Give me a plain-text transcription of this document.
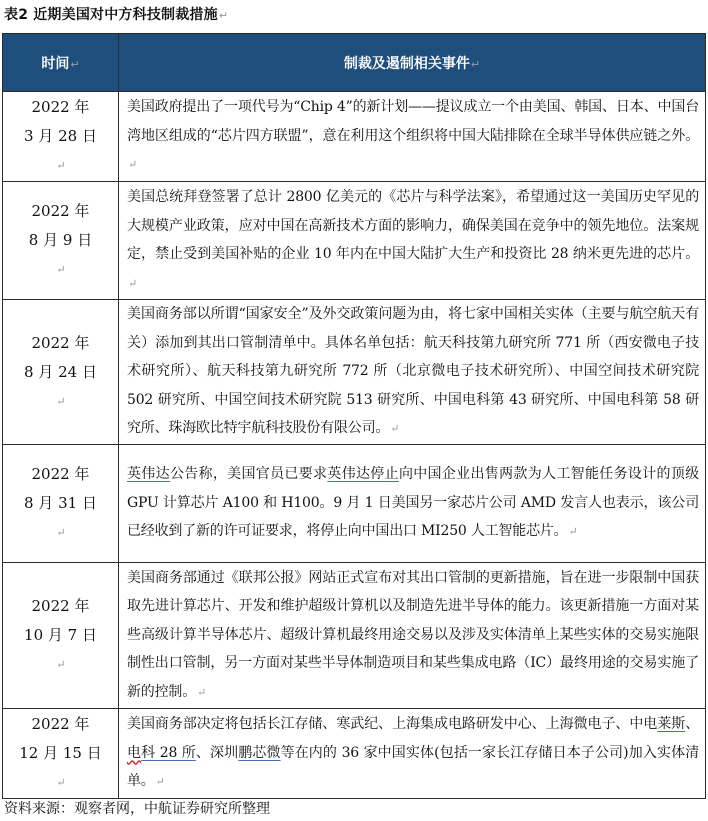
表2 近期美国对中方科技制裁措施↵
时间↵	制裁及遏制相关事件↵

2022 年
3 月 28 日
↵	美国政府提出了一项代号为“Chip 4”的新计划——提议成立一个由美国、韩国、日本、中国台湾地区组成的“芯片四方联盟”，意在利用这个组织将中国大陆排除在全球半导体供应链之外。↵

2022 年
8 月 9 日
↵	美国总统拜登签署了总计 2800 亿美元的《芯片与科学法案》，希望通过这一美国历史罕见的大规模产业政策，应对中国在高新技术方面的影响力，确保美国在竞争中的领先地位。法案规定，禁止受到美国补贴的企业 10 年内在中国大陆扩大生产和投资比 28 纳米更先进的芯片。↵

2022 年
8 月 24 日
↵	美国商务部以所谓“国家安全”及外交政策问题为由，将七家中国相关实体（主要与航空航天有关）添加到其出口管制清单中。具体名单包括：航天科技第九研究所 771 所（西安微电子技术研究所）、航天科技第九研究所 772 所（北京微电子技术研究所）、中国空间技术研究院 502 研究所、中国空间技术研究院 513 研究所、中国电科第 43 研究所、中国电科第 58 研究所、珠海欧比特宇航科技股份有限公司。↵

2022 年
8 月 31 日
↵	英伟达公告称，美国官员已要求英伟达停止向中国企业出售两款为人工智能任务设计的顶级 GPU 计算芯片 A100 和 H100。9 月 1 日美国另一家芯片公司 AMD 发言人也表示，该公司已经收到了新的许可证要求，将停止向中国出口 MI250 人工智能芯片。↵

2022 年
10 月 7 日
↵	美国商务部通过《联邦公报》网站正式宣布对其出口管制的更新措施，旨在进一步限制中国获取先进计算芯片、开发和维护超级计算机以及制造先进半导体的能力。该更新措施一方面对某些高级计算半导体芯片、超级计算机最终用途交易以及涉及实体清单上某些实体的交易实施限制性出口管制，另一方面对某些半导体制造项目和某些集成电路（IC）最终用途的交易实施了新的控制。↵

2022 年
12 月 15 日
↵	美国商务部决定将包括长江存储、寒武纪、上海集成电路研发中心、上海微电子、中电莱斯、电科 28 所、深圳鹏芯微等在内的 36 家中国实体(包括一家长江存储日本子公司)加入实体清单。↵
资料来源：观察者网，中航证券研究所整理
